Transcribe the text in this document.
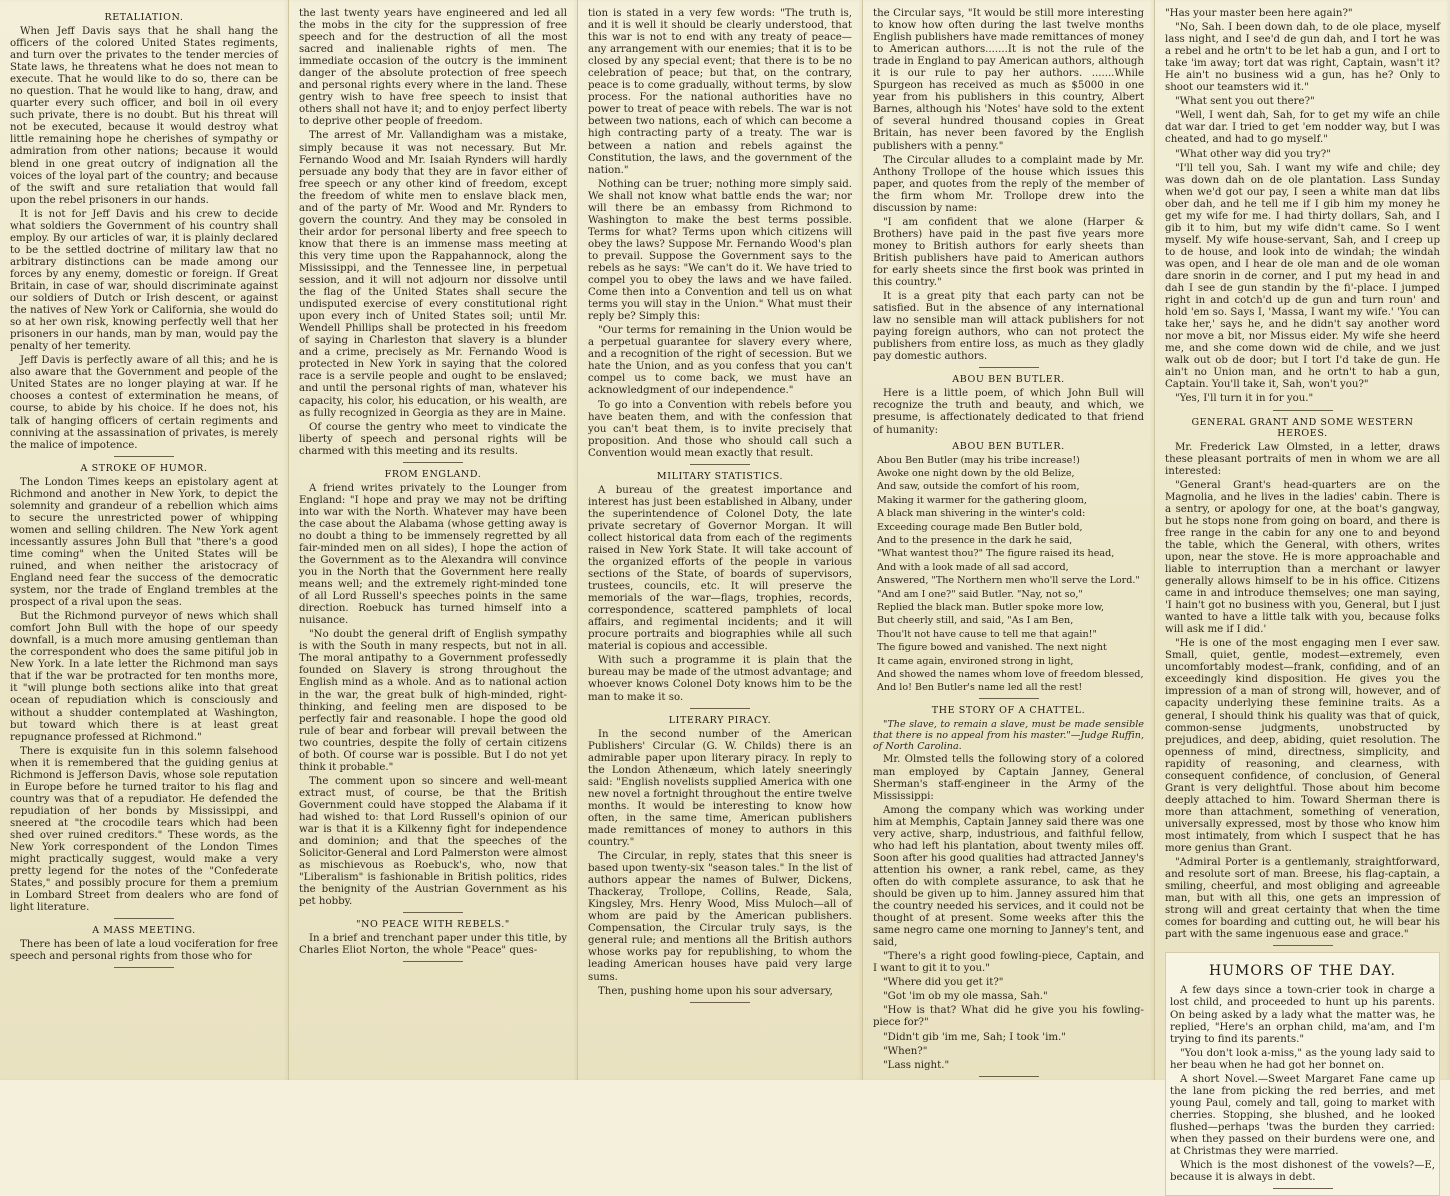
RETALIATION.

When Jeff Davis says that he shall hang the officers of the colored United States regiments, and turn over the privates to the tender mercies of State laws, he threatens what he does not mean to execute. That he would like to do so, there can be no question. That he would like to hang, draw, and quarter every such officer, and boil in oil every such private, there is no doubt. But his threat will not be executed, because it would destroy what little remaining hope he cherishes of sympathy or admiration from other nations; because it would blend in one great outcry of indignation all the voices of the loyal part of the country; and because of the swift and sure retaliation that would fall upon the rebel prisoners in our hands.

It is not for Jeff Davis and his crew to decide what soldiers the Government of his country shall employ. By our articles of war, it is plainly declared to be the settled doctrine of military law that no arbitrary distinctions can be made among our forces by any enemy, domestic or foreign. If Great Britain, in case of war, should discriminate against our soldiers of Dutch or Irish descent, or against the natives of New York or California, she would do so at her own risk, knowing perfectly well that her prisoners in our hands, man by man, would pay the penalty of her temerity.

Jeff Davis is perfectly aware of all this; and he is also aware that the Government and people of the United States are no longer playing at war. If he chooses a contest of extermination he means, of course, to abide by his choice. If he does not, his talk of hanging officers of certain regiments and conniving at the assassination of privates, is merely the malice of impotence.

A STROKE OF HUMOR.

The London Times keeps an epistolary agent at Richmond and another in New York, to depict the solemnity and grandeur of a rebellion which aims to secure the unrestricted power of whipping women and selling children. The New York agent incessantly assures John Bull that "there's a good time coming" when the United States will be ruined, and when neither the aristocracy of England need fear the success of the democratic system, nor the trade of England trembles at the prospect of a rival upon the seas.

But the Richmond purveyor of news which shall comfort John Bull with the hope of our speedy downfall, is a much more amusing gentleman than the correspondent who does the same pitiful job in New York. In a late letter the Richmond man says that if the war be protracted for ten months more, it "will plunge both sections alike into that great ocean of repudiation which is consciously and without a shudder contemplated at Washington, but toward which there is at least great repugnance professed at Richmond."

There is exquisite fun in this solemn falsehood when it is remembered that the guiding genius at Richmond is Jefferson Davis, whose sole reputation in Europe before he turned traitor to his flag and country was that of a repudiator. He defended the repudiation of her bonds by Mississippi, and sneered at "the crocodile tears which had been shed over ruined creditors." These words, as the New York correspondent of the London Times might practically suggest, would make a very pretty legend for the notes of the "Confederate States," and possibly procure for them a premium in Lombard Street from dealers who are fond of light literature.

A MASS MEETING.

There has been of late a loud vociferation for free speech and personal rights from those who for

the last twenty years have engineered and led all the mobs in the city for the suppression of free speech and for the destruction of all the most sacred and inalienable rights of men. The immediate occasion of the outcry is the imminent danger of the absolute protection of free speech and personal rights every where in the land. These gentry wish to have free speech to insist that others shall not have it; and to enjoy perfect liberty to deprive other people of freedom.

The arrest of Mr. Vallandigham was a mistake, simply because it was not necessary. But Mr. Fernando Wood and Mr. Isaiah Rynders will hardly persuade any body that they are in favor either of free speech or any other kind of freedom, except the freedom of white men to enslave black men, and of the party of Mr. Wood and Mr. Rynders to govern the country. And they may be consoled in their ardor for personal liberty and free speech to know that there is an immense mass meeting at this very time upon the Rappahannock, along the Mississippi, and the Tennessee line, in perpetual session, and it will not adjourn nor dissolve until the flag of the United States shall secure the undisputed exercise of every constitutional right upon every inch of United States soil; until Mr. Wendell Phillips shall be protected in his freedom of saying in Charleston that slavery is a blunder and a crime, precisely as Mr. Fernando Wood is protected in New York in saying that the colored race is a servile people and ought to be enslaved; and until the personal rights of man, whatever his capacity, his color, his education, or his wealth, are as fully recognized in Georgia as they are in Maine.

Of course the gentry who meet to vindicate the liberty of speech and personal rights will be charmed with this meeting and its results.

FROM ENGLAND.

A friend writes privately to the Lounger from England: "I hope and pray we may not be drifting into war with the North. Whatever may have been the case about the Alabama (whose getting away is no doubt a thing to be immensely regretted by all fair-minded men on all sides), I hope the action of the Government as to the Alexandra will convince you in the North that the Government here really means well; and the extremely right-minded tone of all Lord Russell's speeches points in the same direction. Roebuck has turned himself into a nuisance.

"No doubt the general drift of English sympathy is with the South in many respects, but not in all. The moral antipathy to a Government professedly founded on Slavery is strong throughout the English mind as a whole. And as to national action in the war, the great bulk of high-minded, right-thinking, and feeling men are disposed to be perfectly fair and reasonable. I hope the good old rule of bear and forbear will prevail between the two countries, despite the folly of certain citizens of both. Of course war is possible. But I do not yet think it probable."

The comment upon so sincere and well-meant extract must, of course, be that the British Government could have stopped the Alabama if it had wished to: that Lord Russell's opinion of our war is that it is a Kilkenny fight for independence and dominion; and that the speeches of the Solicitor-General and Lord Palmerston were almost as mischievous as Roebuck's, who, now that "Liberalism" is fashionable in British politics, rides the benignity of the Austrian Government as his pet hobby.

"NO PEACE WITH REBELS."

In a brief and trenchant paper under this title, by Charles Eliot Norton, the whole "Peace" ques-

tion is stated in a very few words: "The truth is, and it is well it should be clearly understood, that this war is not to end with any treaty of peace—any arrangement with our enemies; that it is to be closed by any special event; that there is to be no celebration of peace; but that, on the contrary, peace is to come gradually, without terms, by slow process. For the national authorities have no power to treat of peace with rebels. The war is not between two nations, each of which can become a high contracting party of a treaty. The war is between a nation and rebels against the Constitution, the laws, and the government of the nation."

Nothing can be truer; nothing more simply said. We shall not know what battle ends the war; nor will there be an embassy from Richmond to Washington to make the best terms possible. Terms for what? Terms upon which citizens will obey the laws? Suppose Mr. Fernando Wood's plan to prevail. Suppose the Government says to the rebels as he says: "We can't do it. We have tried to compel you to obey the laws and we have failed. Come then into a Convention and tell us on what terms you will stay in the Union." What must their reply be? Simply this:

"Our terms for remaining in the Union would be a perpetual guarantee for slavery every where, and a recognition of the right of secession. But we hate the Union, and as you confess that you can't compel us to come back, we must have an acknowledgment of our independence."

To go into a Convention with rebels before you have beaten them, and with the confession that you can't beat them, is to invite precisely that proposition. And those who should call such a Convention would mean exactly that result.

MILITARY STATISTICS.

A bureau of the greatest importance and interest has just been established in Albany, under the superintendence of Colonel Doty, the late private secretary of Governor Morgan. It will collect historical data from each of the regiments raised in New York State. It will take account of the organized efforts of the people in various sections of the State, of boards of supervisors, trustees, councils, etc. It will preserve the memorials of the war—flags, trophies, records, correspondence, scattered pamphlets of local affairs, and regimental incidents; and it will procure portraits and biographies while all such material is copious and accessible.

With such a programme it is plain that the bureau may be made of the utmost advantage; and whoever knows Colonel Doty knows him to be the man to make it so.

LITERARY PIRACY.

In the second number of the American Publishers' Circular (G. W. Childs) there is an admirable paper upon literary piracy. In reply to the London Athenæum, which lately sneeringly said: "English novelists supplied America with one new novel a fortnight throughout the entire twelve months. It would be interesting to know how often, in the same time, American publishers made remittances of money to authors in this country."

The Circular, in reply, states that this sneer is based upon twenty-six "season tales." In the list of authors appear the names of Bulwer, Dickens, Thackeray, Trollope, Collins, Reade, Sala, Kingsley, Mrs. Henry Wood, Miss Muloch—all of whom are paid by the American publishers. Compensation, the Circular truly says, is the general rule; and mentions all the British authors whose works pay for republishing, to whom the leading American houses have paid very large sums.

Then, pushing home upon his sour adversary,

the Circular says, "It would be still more interesting to know how often during the last twelve months English publishers have made remittances of money to American authors.......It is not the rule of the trade in England to pay American authors, although it is our rule to pay her authors. .......While Spurgeon has received as much as $5000 in one year from his publishers in this country, Albert Barnes, although his 'Notes' have sold to the extent of several hundred thousand copies in Great Britain, has never been favored by the English publishers with a penny."

The Circular alludes to a complaint made by Mr. Anthony Trollope of the house which issues this paper, and quotes from the reply of the member of the firm whom Mr. Trollope drew into the discussion by name:

"I am confident that we alone (Harper & Brothers) have paid in the past five years more money to British authors for early sheets than British publishers have paid to American authors for early sheets since the first book was printed in this country."

It is a great pity that each party can not be satisfied. But in the absence of any international law no sensible man will attack publishers for not paying foreign authors, who can not protect the publishers from entire loss, as much as they gladly pay domestic authors.

ABOU BEN BUTLER.

Here is a little poem, of which John Bull will recognize the truth and beauty, and which, we presume, is affectionately dedicated to that friend of humanity:

ABOU BEN BUTLER.

Abou Ben Butler (may his tribe increase!)

Awoke one night down by the old Belize,

And saw, outside the comfort of his room,

Making it warmer for the gathering gloom,

A black man shivering in the winter's cold:

Exceeding courage made Ben Butler bold,

And to the presence in the dark he said,

"What wantest thou?" The figure raised its head,

And with a look made of all sad accord,

Answered, "The Northern men who'll serve the Lord."

"And am I one?" said Butler. "Nay, not so,"

Replied the black man. Butler spoke more low,

But cheerly still, and said, "As I am Ben,

Thou'lt not have cause to tell me that again!"

The figure bowed and vanished. The next night

It came again, environed strong in light,

And showed the names whom love of freedom blessed,

And lo! Ben Butler's name led all the rest!

THE STORY OF A CHATTEL.

"The slave, to remain a slave, must be made sensible that there is no appeal from his master."—Judge Ruffin, of North Carolina.

Mr. Olmsted tells the following story of a colored man employed by Captain Janney, General Sherman's staff-engineer in the Army of the Mississippi:

Among the company which was working under him at Memphis, Captain Janney said there was one very active, sharp, industrious, and faithful fellow, who had left his plantation, about twenty miles off. Soon after his good qualities had attracted Janney's attention his owner, a rank rebel, came, as they often do with complete assurance, to ask that he should be given up to him. Janney assured him that the country needed his services, and it could not be thought of at present. Some weeks after this the same negro came one morning to Janney's tent, and said,

"There's a right good fowling-piece, Captain, and I want to git it to you."

"Where did you get it?"

"Got 'im ob my ole massa, Sah."

"How is that? What did he give you his fowling-piece for?"

"Didn't gib 'im me, Sah; I took 'im."

"When?"

"Lass night."

"Has your master been here again?"

"No, Sah. I been down dah, to de ole place, myself lass night, and I see'd de gun dah, and I tort he was a rebel and he ortn't to be let hab a gun, and I ort to take 'im away; tort dat was right, Captain, wasn't it? He ain't no business wid a gun, has he? Only to shoot our teamsters wid it."

"What sent you out there?"

"Well, I went dah, Sah, for to get my wife an chile dat war dar. I tried to get 'em nodder way, but I was cheated, and had to go myself."

"What other way did you try?"

"I'll tell you, Sah. I want my wife and chile; dey was down dah on de ole plantation. Lass Sunday when we'd got our pay, I seen a white man dat libs ober dah, and he tell me if I gib him my money he get my wife for me. I had thirty dollars, Sah, and I gib it to him, but my wife didn't came. So I went myself. My wife house-servant, Sah, and I creep up to de house, and look into de windah; the windah was open, and I hear de ole man and de ole woman dare snorin in de corner, and I put my head in and dah I see de gun standin by the fi'-place. I jumped right in and cotch'd up de gun and turn roun' and hold 'em so. Says I, 'Massa, I want my wife.' 'You can take her,' says he, and he didn't say another word nor move a bit, nor Missus eider. My wife she heerd me, and she come down wid de chile, and we just walk out ob de door; but I tort I'd take de gun. He ain't no Union man, and he ortn't to hab a gun, Captain. You'll take it, Sah, won't you?"

"Yes, I'll turn it in for you."

GENERAL GRANT AND SOME WESTERN HEROES.

Mr. Frederick Law Olmsted, in a letter, draws these pleasant portraits of men in whom we are all interested:

"General Grant's head-quarters are on the Magnolia, and he lives in the ladies' cabin. There is a sentry, or apology for one, at the boat's gangway, but he stops none from going on board, and there is free range in the cabin for any one to and beyond the table, which the General, with others, writes upon, near the stove. He is more approachable and liable to interruption than a merchant or lawyer generally allows himself to be in his office. Citizens came in and introduce themselves; one man saying, 'I hain't got no business with you, General, but I just wanted to have a little talk with you, because folks will ask me if I did.'

"He is one of the most engaging men I ever saw. Small, quiet, gentle, modest—extremely, even uncomfortably modest—frank, confiding, and of an exceedingly kind disposition. He gives you the impression of a man of strong will, however, and of capacity underlying these feminine traits. As a general, I should think his quality was that of quick, common-sense judgments, unobstructed by prejudices, and deep, abiding, quiet resolution. The openness of mind, directness, simplicity, and rapidity of reasoning, and clearness, with consequent confidence, of conclusion, of General Grant is very delightful. Those about him become deeply attached to him. Toward Sherman there is more than attachment, something of veneration, universally expressed, most by those who know him most intimately, from which I suspect that he has more genius than Grant.

"Admiral Porter is a gentlemanly, straightforward, and resolute sort of man. Breese, his flag-captain, a smiling, cheerful, and most obliging and agreeable man, but with all this, one gets an impression of strong will and great certainty that when the time comes for boarding and cutting out, he will bear his part with the same ingenuous ease and grace."

HUMORS OF THE DAY.

A few days since a town-crier took in charge a lost child, and proceeded to hunt up his parents. On being asked by a lady what the matter was, he replied, "Here's an orphan child, ma'am, and I'm trying to find its parents."

"You don't look a-miss," as the young lady said to her beau when he had got her bonnet on.

A short Novel.—Sweet Margaret Fane came up the lane from picking the red berries, and met young Paul, comely and tall, going to market with cherries. Stopping, she blushed, and he looked flushed—perhaps 'twas the burden they carried: when they passed on their burdens were one, and at Christmas they were married.

Which is the most dishonest of the vowels?—E, because it is always in debt.
